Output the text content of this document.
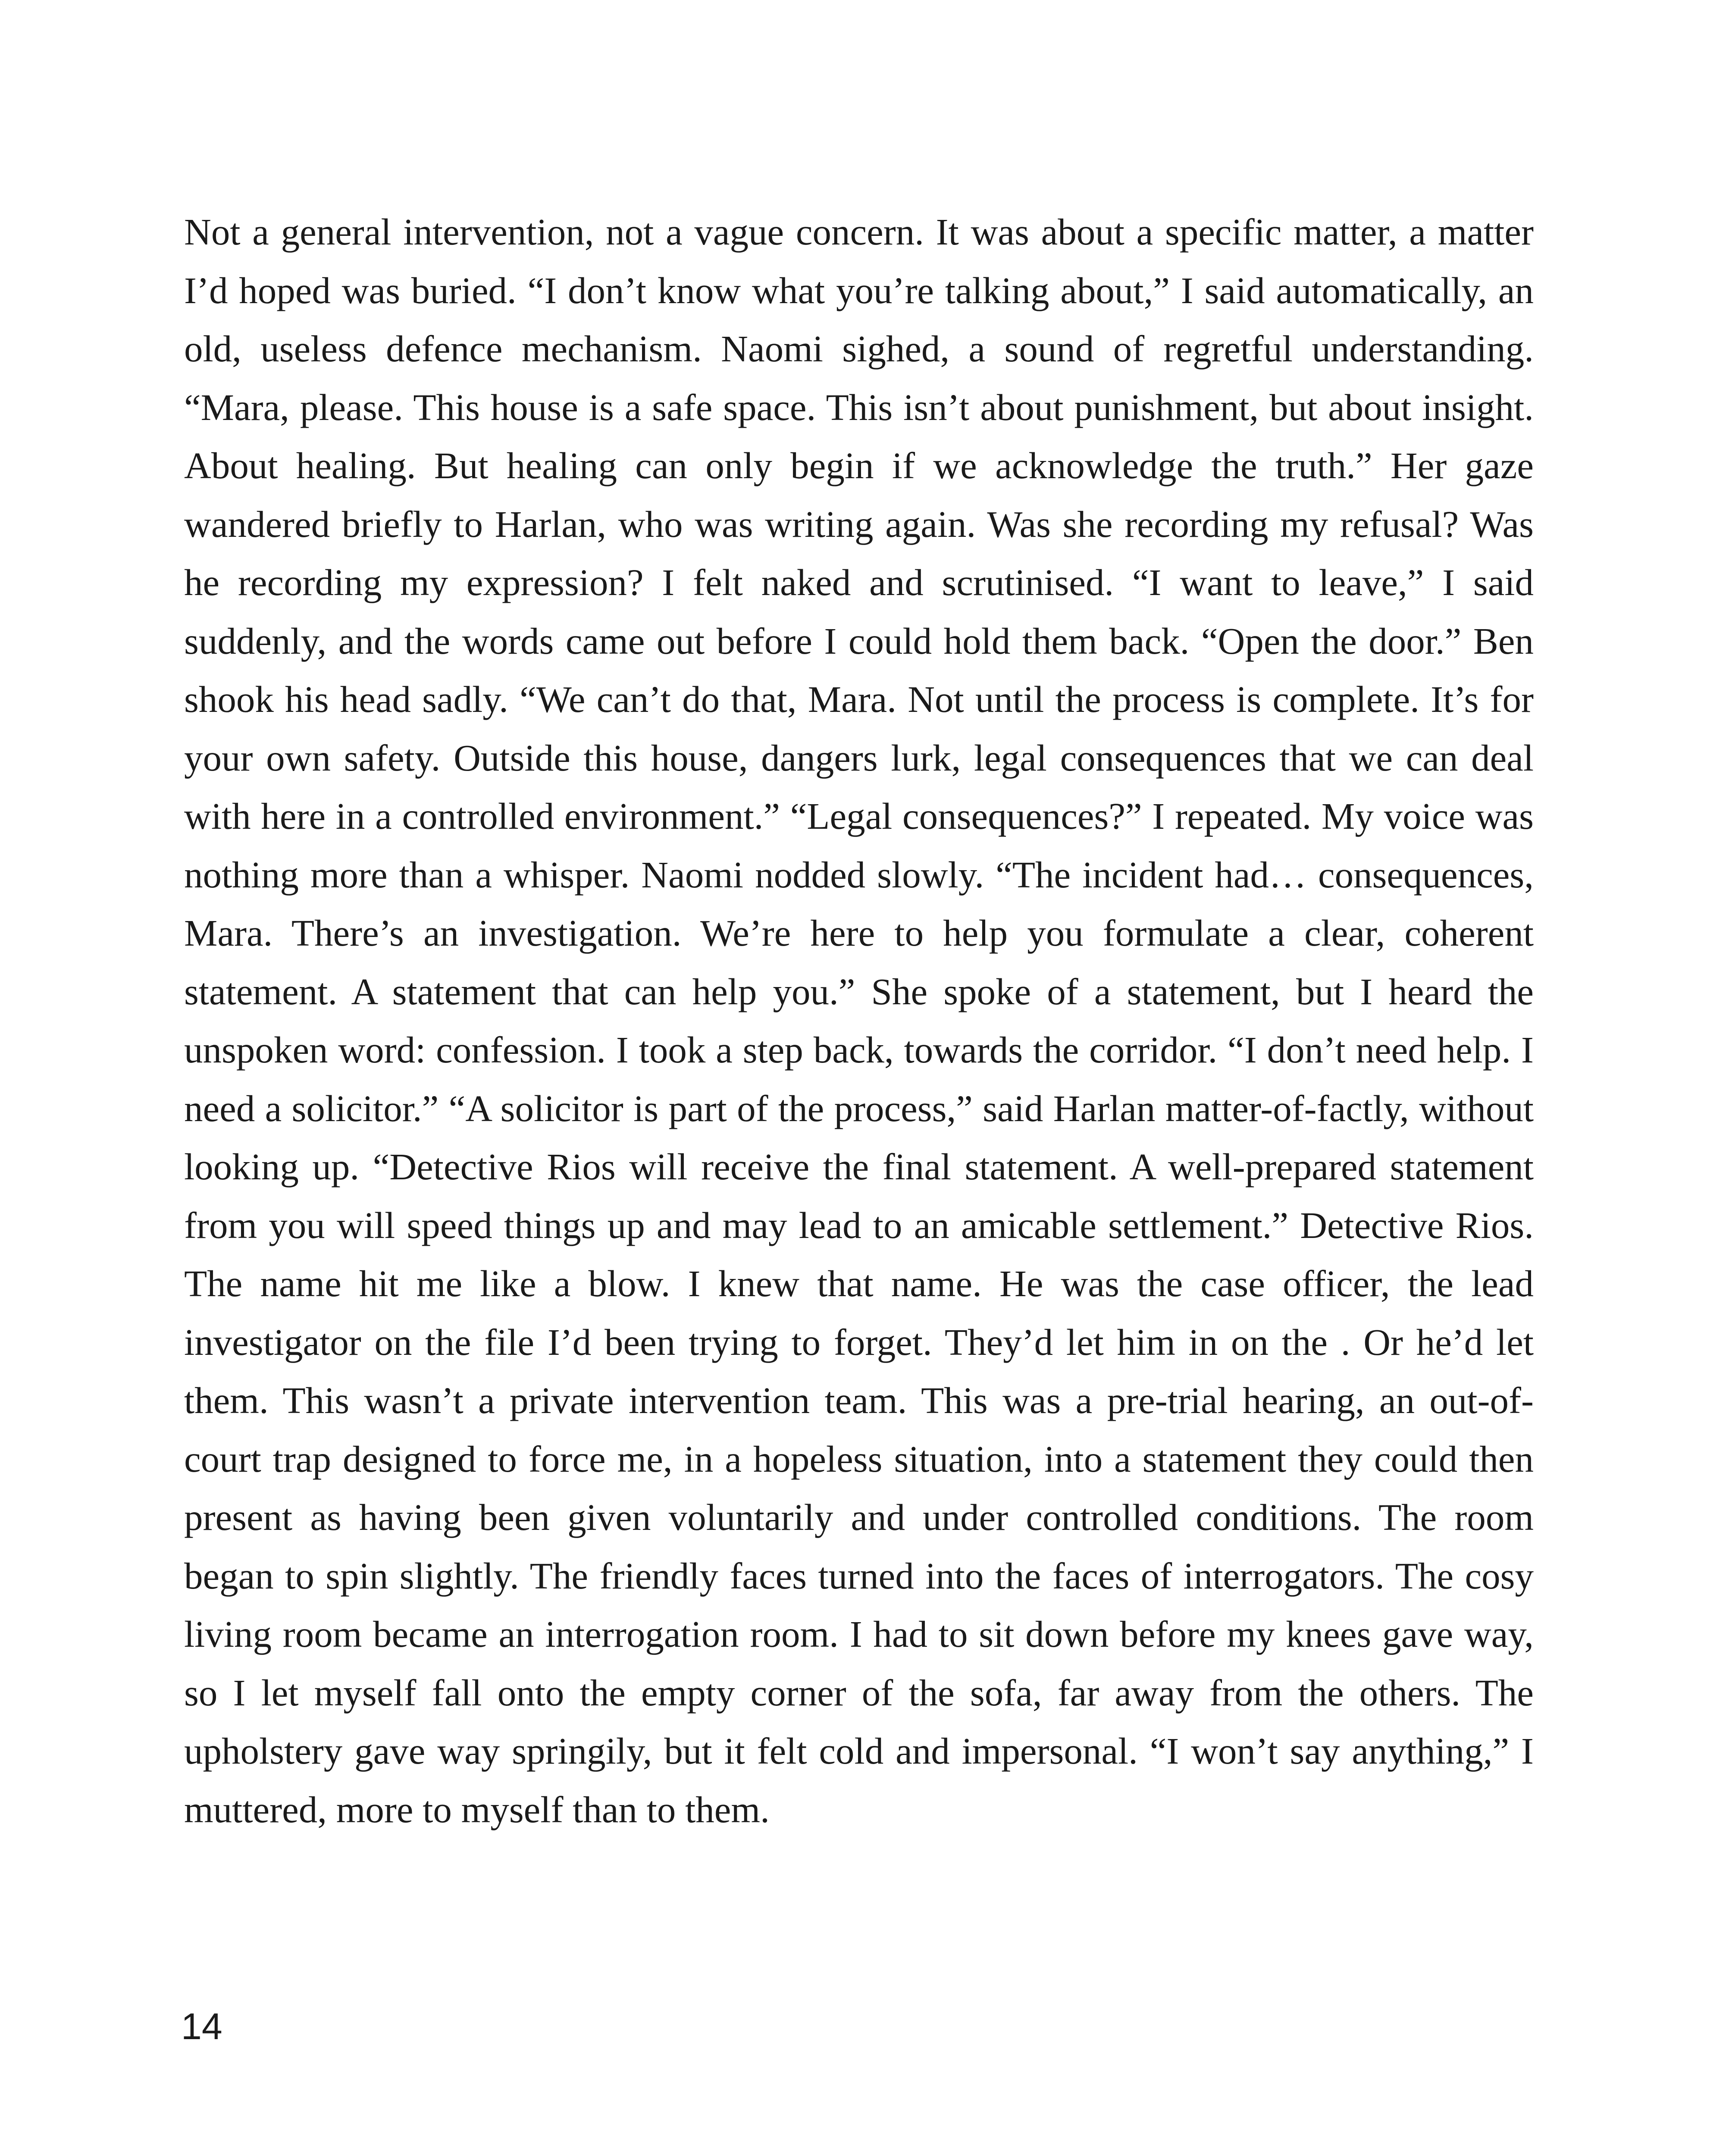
Not a general intervention, not a vague concern. It was about a specific matter, a matter I’d hoped was buried. “I don’t know what you’re talking about,” I said automatically, an old, useless defence mechanism. Naomi sighed, a sound of regretful understanding. “Mara, please. This house is a safe space. This isn’t about punishment, but about insight. About healing. But healing can only begin if we acknowledge the truth.” Her gaze wandered briefly to Harlan, who was writing again. Was she recording my refusal? Was he recording my expression? I felt naked and scrutinised. “I want to leave,” I said suddenly, and the words came out before I could hold them back. “Open the door.” Ben shook his head sadly. “We can’t do that, Mara. Not until the process is complete. It’s for your own safety. Outside this house, dangers lurk, legal consequences that we can deal with here in a controlled environment.” “Legal consequences?” I repeated. My voice was nothing more than a whisper. Naomi nodded slowly. “The incident had… consequences, Mara. There’s an investigation. We’re here to help you formulate a clear, coherent statement. A statement that can help you.” She spoke of a statement, but I heard the unspoken word: confession. I took a step back, towards the corridor. “I don’t need help. I need a solicitor.” “A solicitor is part of the process,” said Harlan matter-of-factly, without looking up. “Detective Rios will receive the final statement. A well-prepared statement from you will speed things up and may lead to an amicable settlement.” Detective Rios. The name hit me like a blow. I knew that name. He was the case officer, the lead investigator on the file I’d been trying to forget. They’d let him in on the . Or he’d let them. This wasn’t a private intervention team. This was a pre-trial hearing, an out-of-court trap designed to force me, in a hopeless situation, into a statement they could then present as having been given voluntarily and under controlled conditions. The room began to spin slightly. The friendly faces turned into the faces of interrogators. The cosy living room became an interrogation room. I had to sit down before my knees gave way, so I let myself fall onto the empty corner of the sofa, far away from the others. The upholstery gave way springily, but it felt cold and impersonal. “I won’t say anything,” I muttered, more to myself than to them.

14
